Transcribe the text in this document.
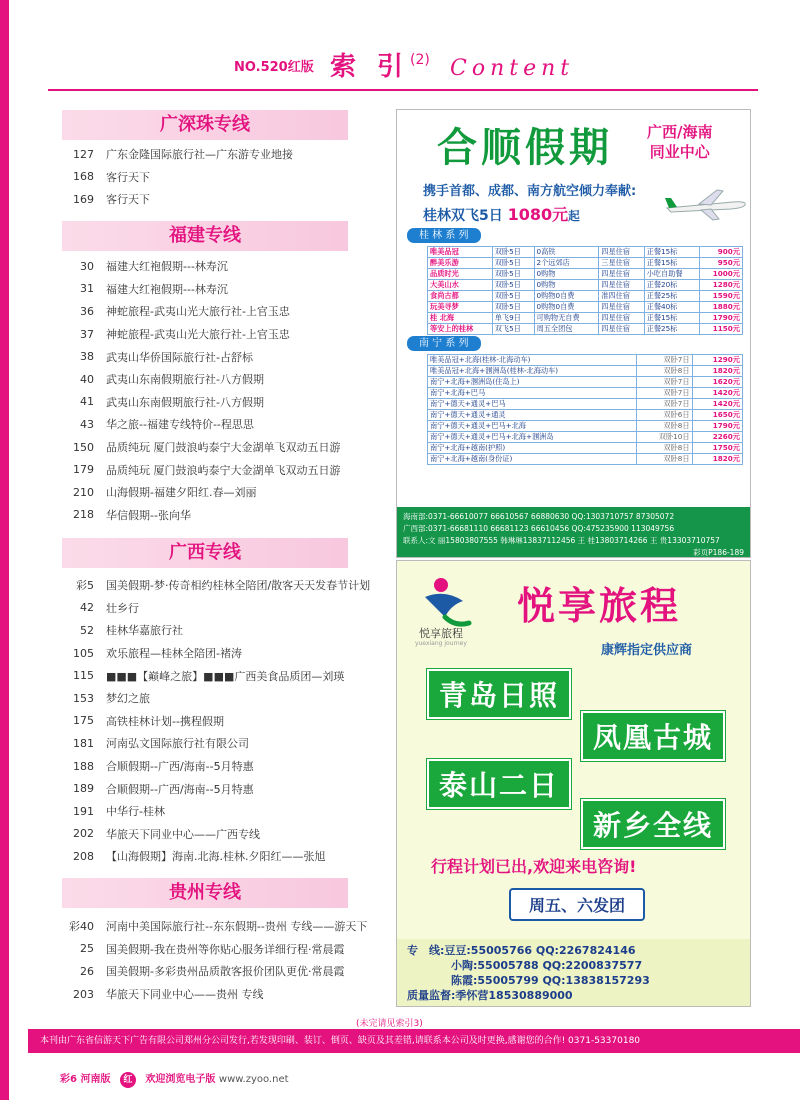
NO.520红版 索 引 (2) Content
广深珠专线
127 广东金隆国际旅行社—广东游专业地接
168 客行天下
169 客行天下
福建专线
30 福建大红袍假期---林寿沉
31 福建大红袍假期---林寿沉
36 神蛇旅程-武夷山光大旅行社-上官玉忠
37 神蛇旅程-武夷山光大旅行社-上官玉忠
38 武夷山华侨国际旅行社-占舒标
40 武夷山东南假期旅行社-八方假期
41 武夷山东南假期旅行社-八方假期
43 华之旅--福建专线特价--程思思
150 品质纯玩 厦门鼓浪屿泰宁大金湖单飞双动五日游
179 品质纯玩 厦门鼓浪屿泰宁大金湖单飞双动五日游
210 山海假期-福建夕阳红.春—刘丽
218 华信假期--张向华
广西专线
彩5 国美假期-梦·传奇相约桂林全陪团/散客天天发春节计划
42 壮乡行
52 桂林华嘉旅行社
105 欢乐旅程—桂林全陪团-褚涛
115 ■■■【巅峰之旅】■■■广西美食品质团—刘瑛
153 梦幻之旅
175 高铁桂林计划--携程假期
181 河南弘文国际旅行社有限公司
188 合顺假期--广西/海南--5月特惠
189 合顺假期--广西/海南--5月特惠
191 中华行-桂林
202 华旅天下同业中心——广西专线
208 【山海假期】海南.北海.桂林.夕阳红——张旭
贵州专线
彩40 河南中美国际旅行社--东东假期--贵州 专线——游天下
25 国美假期-我在贵州等你贴心服务详细行程·常晨霞
26 国美假期-多彩贵州品质散客报价团队更优·常晨霞
203 华旅天下同业中心——贵州 专线
合顺假期 广西/海南
同业中心
携手首都、成都、南方航空倾力奉献:
桂林双飞5日 1080元起
桂 林 系 列
唯美品冠	双卧5日	0高铁	四星住宿	正餐15标	900元
醉美乐游	双卧5日	2个远郊店	三星住宿	正餐15标	950元
品质时光	双卧5日	0购物	四星住宿	小吃自助餐	1000元
大美山水	双卧5日	0购物	四星住宿	正餐20标	1280元
食尚古都	双卧5日	0购物0自费	准四住宿	正餐25标	1590元
玩美寻梦	双卧5日	0购物0自费	四星住宿	正餐40标	1880元
桂 北海	单飞9日	可购物无自费	四星住宿	正餐15标	1790元
等安上的桂林	双飞5日	周五全团包	四星住宿	正餐25标	1150元
南 宁 系 列
唯美品冠+北海(桂林-北海动车)	双卧7日	1290元
唯美品冠+北海+涠洲岛(桂林-北海动车)	双卧8日	1820元
南宁+北海+涠洲岛(住岛上)	双卧7日	1620元
南宁+北海+巴马	双卧7日	1420元
南宁+德天+通灵+巴马	双卧7日	1420元
南宁+德天+通灵+通灵	双卧6日	1650元
南宁+德天+通灵+巴马+北海	双卧8日	1790元
南宁+德天+通灵+巴马+北海+涠洲岛	双卧10日	2260元
南宁+北海+越南(护照)	双卧8日	1750元
南宁+北海+越南(身份证)	双卧8日	1820元
海南部:0371-66610077 66610567 66880630 QQ:1303710757 87305072
广西部:0371-66681110 66681123 66610456 QQ:475235900 113049756
联系人:文 丽15803807555 韩琳琳13837112456 王 桂13803714266 王 贵13303710757
彩页P186-189
悦享旅程
yuexiang journey
悦享旅程
康辉指定供应商
青岛日照
凤凰古城
泰山二日
新乡全线
行程计划已出,欢迎来电咨询!
周五、六发团
专　线:豆豆:55005766 QQ:2267824146
　　　　小陶:55005788 QQ:2200837577
　　　　陈霞:55005799 QQ:13838157293
质量监督:季怀营18530889000
(未完请见索引3)
本刊由广东省信游天下广告有限公司郑州分公司发行,若发现印刷、装订、倒页、缺页及其差错,请联系本公司及时更换,感谢您的合作! 0371-53370180
彩6 河南版 红 欢迎浏览电子版 www.zyoo.net
